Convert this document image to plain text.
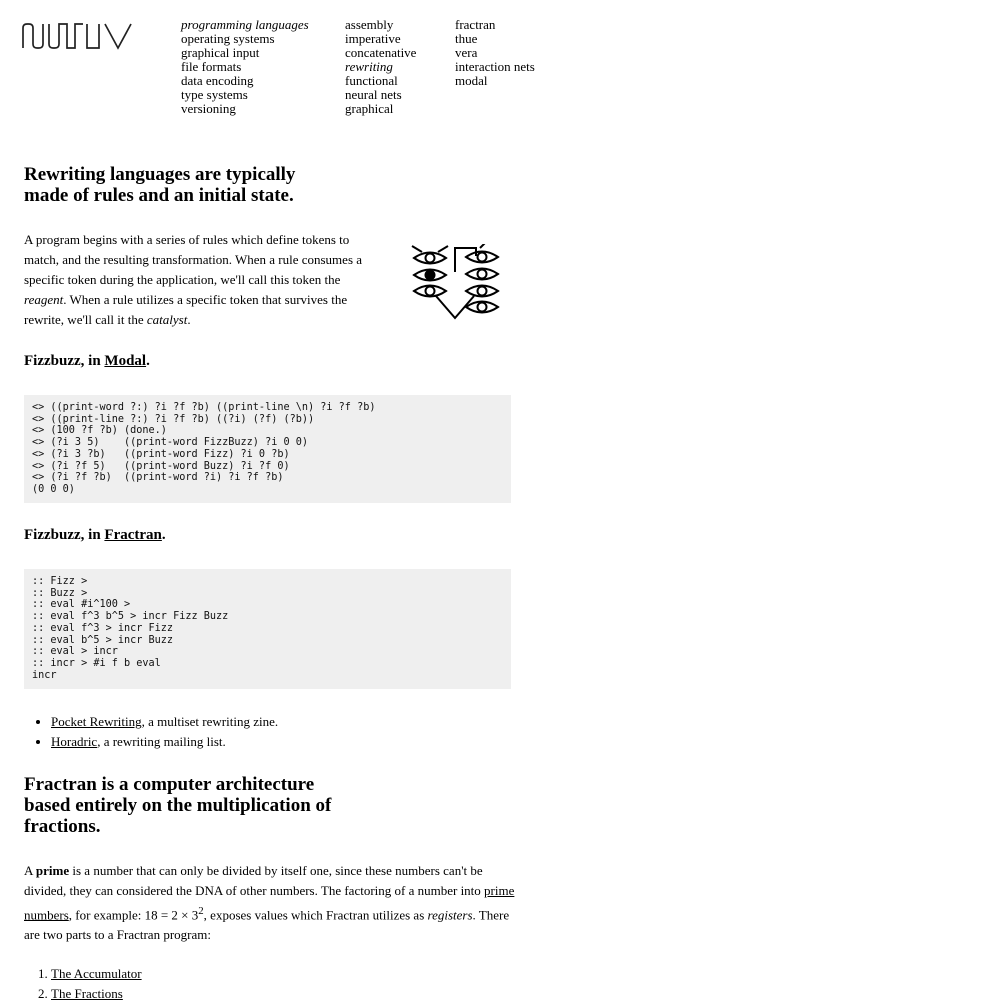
programming languages
operating systems
graphical input
file formats
data encoding
type systems
versioning
assembly
imperative
concatenative
rewriting
functional
neural nets
graphical
fractran
thue
vera
interaction nets
modal
Rewriting languages are typically
made of rules and an initial state.

A program begins with a series of rules which define tokens to match, and the resulting transformation. When a rule consumes a specific token during the application, we'll call this token the reagent. When a rule utilizes a specific token that survives the rewrite, we'll call it the catalyst.

Fizzbuzz, in Modal.
<> ((print-word ?:) ?i ?f ?b) ((print-line \n) ?i ?f ?b)
<> ((print-line ?:) ?i ?f ?b) ((?i) (?f) (?b))
<> (100 ?f ?b) (done.)
<> (?i 3 5)    ((print-word FizzBuzz) ?i 0 0)
<> (?i 3 ?b)   ((print-word Fizz) ?i 0 ?b)
<> (?i ?f 5)   ((print-word Buzz) ?i ?f 0)
<> (?i ?f ?b)  ((print-word ?i) ?i ?f ?b)
(0 0 0)
Fizzbuzz, in Fractran.
:: Fizz >
:: Buzz >
:: eval #i^100 >
:: eval f^3 b^5 > incr Fizz Buzz
:: eval f^3 > incr Fizz
:: eval b^5 > incr Buzz
:: eval > incr
:: incr > #i f b eval
incr
• Pocket Rewriting, a multiset rewriting zine.
• Horadric, a rewriting mailing list.
Fractran is a computer architecture
based entirely on the multiplication of
fractions.

A prime is a number that can only be divided by itself one, since these numbers can't be divided, they can considered the DNA of other numbers. The factoring of a number into prime numbers, for example: $18 = 2 \times 3^2$, exposes values which Fractran utilizes as registers. There are two parts to a Fractran program:

1. The Accumulator
2. The Fractions
